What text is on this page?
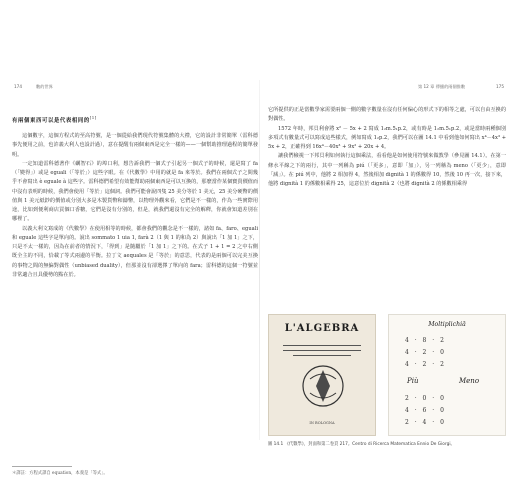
174	數的世界
有兩個東西可以是代表相同的[1]
這個數字，這個方程式的至高符號，是一個從給我們現代符號集體的大禮，它的設計非常簡單（雷科德事先便用之前，也許義大利人也設計過），意在提醒有兩個東西是完全一樣的——一個幫助推理過程的簡單發明。
一定知道雷科德著作《礪智石》的埠口利，想告訴我們一個式子引起另一個式子的時候，還是寫了 fa（「變得」）或是 eguali（「等於」）這些字眼。在《代數學》中用的就是 fa 來等於。我們在兩個式子之間幾乎不會寫出 è eguale à 這些字。雷科德們希望有效能幫助兩個東西是可以互換的，那麼當作某個寶貴價值而中沒有表明的時候，我們會使用「等於」這個詞。我們可能會說四隻 25 美分等於 1 美元，25 美分硬幣的價值與 1 美元紙鈔的價值或分別大多是木製貨幣和鑄幣，以物理外觀來看，它們是不一樣的，作為一些實際用途，比如到便利商店買個口香糖，它們是沒有分別的，但是，就我們還沒有完全的解釋，你就會知道差別在哪裡了。
以義大利文寫成的《代數學》在使用相等的時候，都會我們的觀念是不一樣的，諸如 fa、faro、eguali 和 eguale 這些字是單向的。說出 sommato 1 uia 1, farà 2（1 與 1 的和為 2）與說出「1 加 1」之下，只是不太一樣的，因為在前者的情況下，「得到」是隨屬於「1 加 1」之下的。在式子 1 + 1 = 2 之中右側既全主的不同，恰載了等式兩邊的平衡。拉丁文 aequales 是「等於」的意思，代表的是兩個可以完美互換的事物之間的無偏對偶性（unbiased duality），但那並沒有卻選擇了單向的 fara；雷科德的這個一符號並非常適合且具優勢的點在於。
＊譯註：方程式譯自 equation，本義是「等式」。
第 12 章 傳播的兩個推數	175
它所提供的正是當數學家需要兩個一側的數字數量在沒有任何偏心的形式下的相等之處，可以自由互換的對偶性。
1572 年時，邦貝利會將 x² － 5x + 2 寫成 1₂m.5₁p.2，或有時是 1₂m.5₁p.2，或是當時兩種個別多項式有數量式可以寫成這些樣式，例如寫成 1₂p.2，我們可以在圖 14.1 中看到他如何寫出 x⁴－4x³ + 5x + 2，正確得到 16x⁴－40x³ + 9x² + 20x + 4。
讓我們檢視一下邦貝利如何執行這個乘法，看看他是如何使用符號來做教學（參見圖 14.1）。在第一條水平線之下的兩行，其中一列稱為 piú（「更多」，意即「加」），另一列稱為 meno（「更少」，意即「減」）。在 piú 列中，他將 2 相加得 4，然後相加 dignità 1 的係數得 10，然後 10 再一次，接下來，他將 dignità 1 的係數相乘得 25，這意位於 dignità 2（也將 dignità 2 的係數相乘得
L'ALGEBRA
IN BOLOGNA
Moltiplichiā
4 · 8 · 2
4 · 2 · 0
4 · 2 · 2
Più	Meno
2 · 0 · 0
4 · 6 · 0
2 · 4 · 0
圖 14.1 《代數學》，封面和第二卷頁 217。Centro di Ricerca Matematica Ennio De Giorgi。
